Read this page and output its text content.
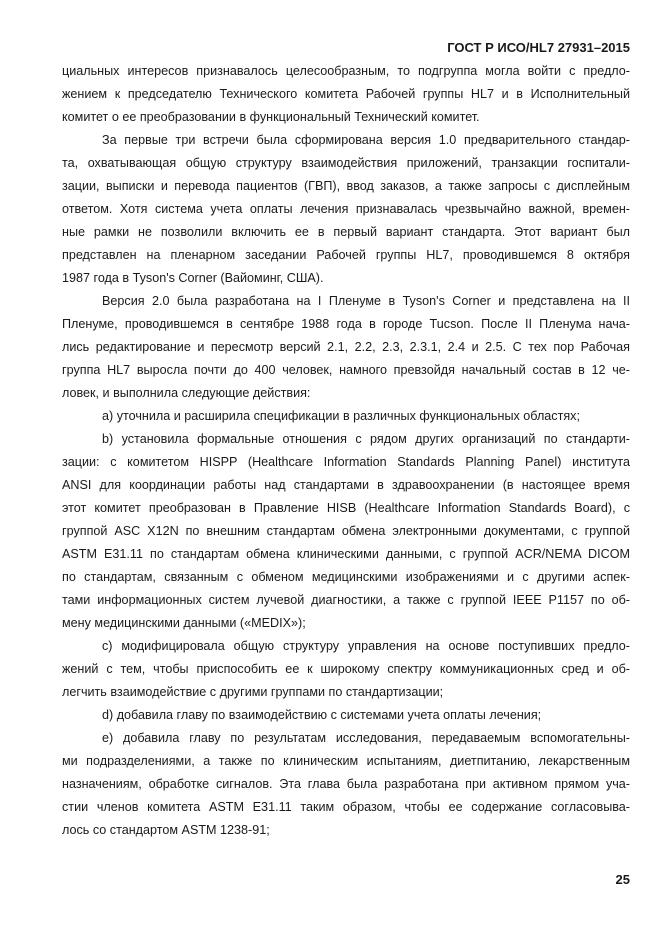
ГОСТ Р ИСО/HL7 27931–2015
циальных интересов признавалось целесообразным, то подгруппа могла войти с предло-
жением к председателю Технического комитета Рабочей группы HL7 и в Исполнительный
комитет о ее преобразовании в функциональный Технический комитет.
За первые три встречи была сформирована версия 1.0 предварительного стандар-
та, охватывающая общую структуру взаимодействия приложений, транзакции госпитали-
зации, выписки и перевода пациентов (ГВП), ввод заказов, а также запросы с дисплейным
ответом. Хотя система учета оплаты лечения признавалась чрезвычайно важной, времен-
ные рамки не позволили включить ее в первый вариант стандарта. Этот вариант был
представлен на пленарном заседании Рабочей группы HL7, проводившемся 8 октября
1987 года в Tyson's Corner (Вайоминг, США).
Версия 2.0 была разработана на I Пленуме в Tyson's Corner и представлена на II
Пленуме, проводившемся в сентябре 1988 года в городе Tucson. После II Пленума нача-
лись редактирование и пересмотр версий 2.1, 2.2, 2.3, 2.3.1, 2.4 и 2.5. С тех пор Рабочая
группа HL7 выросла почти до 400 человек, намного превзойдя начальный состав в 12 че-
ловек, и выполнила следующие действия:
a) уточнила и расширила спецификации в различных функциональных областях;
b) установила формальные отношения с рядом других организаций по стандарти-
зации: с комитетом HISPP (Healthcare Information Standards Planning Panel) института
ANSI для координации работы над стандартами в здравоохранении (в настоящее время
этот комитет преобразован в Правление HISB (Healthcare Information Standards Board), с
группой ASC X12N по внешним стандартам обмена электронными документами, с группой
ASTM E31.11 по стандартам обмена клиническими данными, с группой ACR/NEMA DICOM
по стандартам, связанным с обменом медицинскими изображениями и с другими аспек-
тами информационных систем лучевой диагностики, а также с группой IEEE P1157 по об-
мену медицинскими данными («MEDIX»);
c) модифицировала общую структуру управления на основе поступивших предло-
жений с тем, чтобы приспособить ее к широкому спектру коммуникационных сред и об-
легчить взаимодействие с другими группами по стандартизации;
d) добавила главу по взаимодействию с системами учета оплаты лечения;
e) добавила главу по результатам исследования, передаваемым вспомогательны-
ми подразделениями, а также по клиническим испытаниям, диетпитанию, лекарственным
назначениям, обработке сигналов. Эта глава была разработана при активном прямом уча-
стии членов комитета ASTM E31.11 таким образом, чтобы ее содержание согласовыва-
лось со стандартом ASTM 1238-91;
25
